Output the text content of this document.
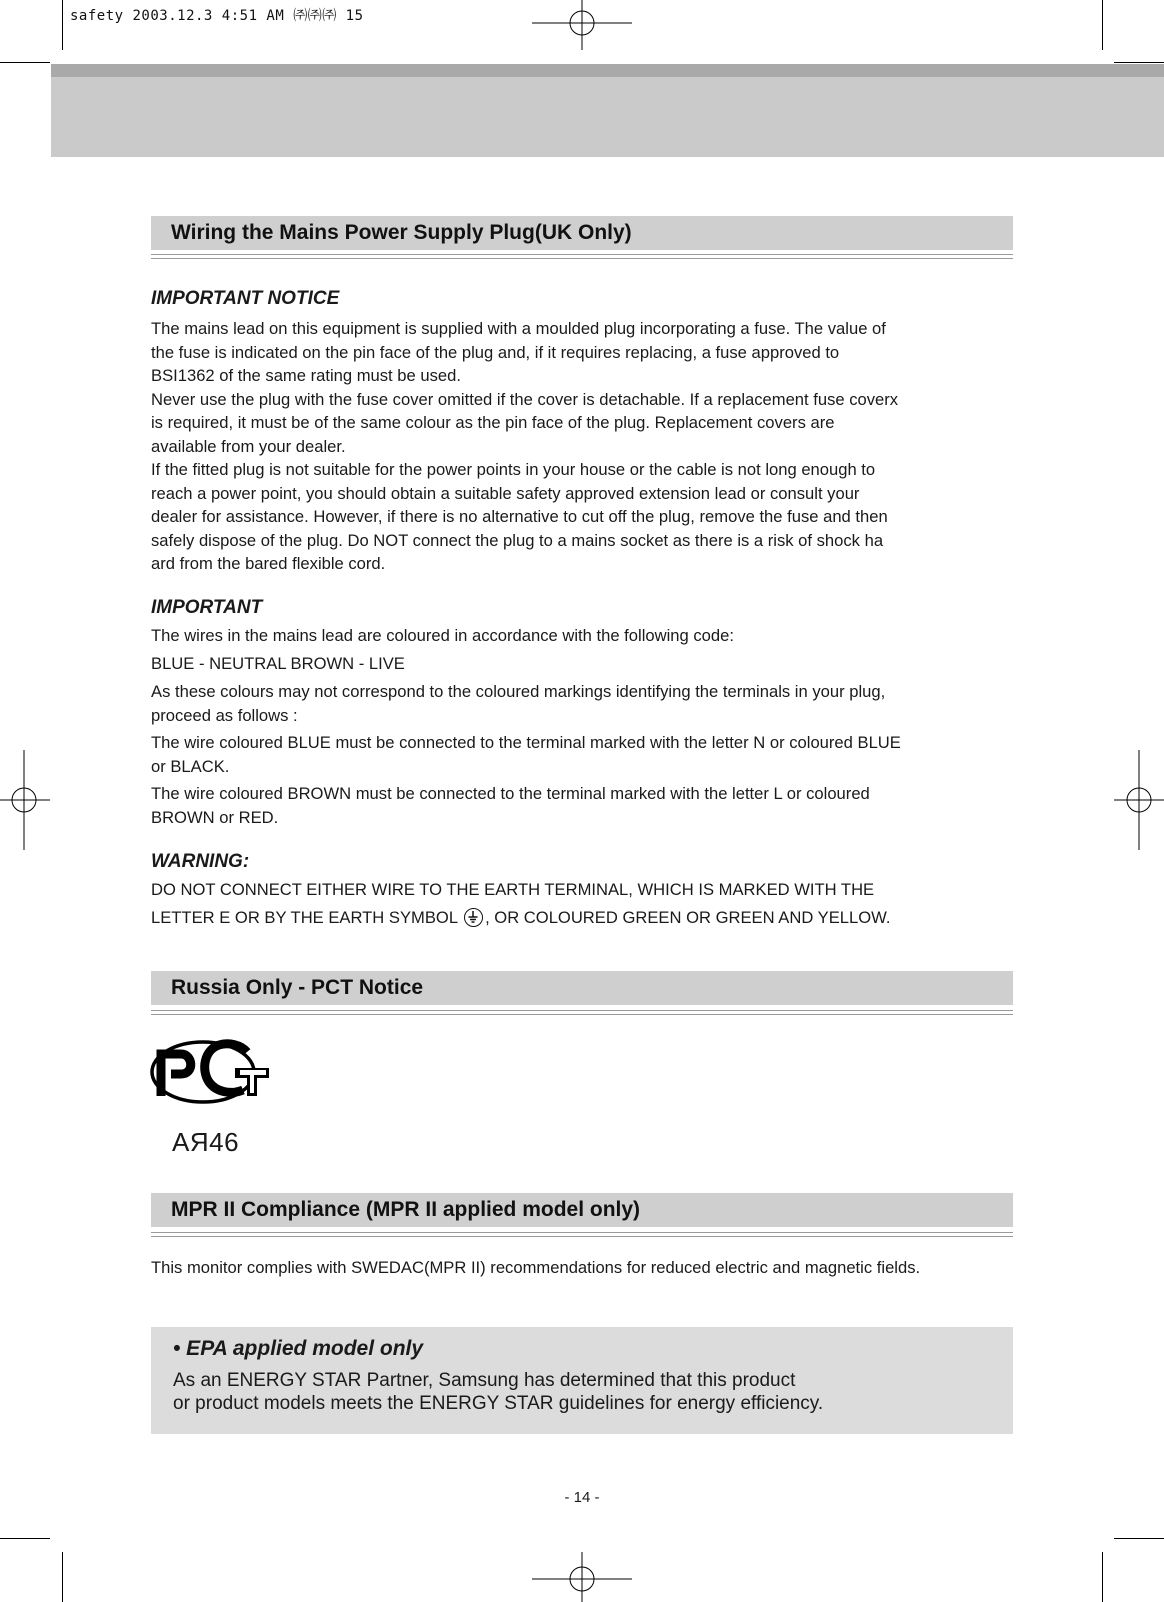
safety 2003.12.3 4:51 AM ㈜㈜㈜ 15
Wiring the Mains Power Supply Plug(UK Only)

IMPORTANT NOTICE

The mains lead on this equipment is supplied with a moulded plug incorporating a fuse. The value of

the fuse is indicated on the pin face of the plug and, if it requires replacing, a fuse approved to

BSI1362 of the same rating must be used.

Never use the plug with the fuse cover omitted if the cover is detachable. If a replacement fuse coverx

is required, it must be of the same colour as the pin face of the plug. Replacement covers are

available from your dealer.

If the fitted plug is not suitable for the power points in your house or the cable is not long enough to

reach a power point, you should obtain a suitable safety approved extension lead or consult your

dealer for assistance. However, if there is no alternative to cut off the plug, remove the fuse and then

safely dispose of the plug. Do NOT connect the plug to a mains socket as there is a risk of shock ha

ard from the bared flexible cord.

IMPORTANT

The wires in the mains lead are coloured in accordance with the following code:

BLUE - NEUTRAL BROWN - LIVE

As these colours may not correspond to the coloured markings identifying the terminals in your plug,

proceed as follows :

The wire coloured BLUE must be connected to the terminal marked with the letter N or coloured BLUE

or BLACK.

The wire coloured BROWN must be connected to the terminal marked with the letter L or coloured

BROWN or RED.

WARNING:

DO NOT CONNECT EITHER WIRE TO THE EARTH TERMINAL, WHICH IS MARKED WITH THE

LETTER E OR BY THE EARTH SYMBOL , OR COLOURED GREEN OR GREEN AND YELLOW.

Russia Only - PCT Notice
АЯ46
MPR II Compliance (MPR II applied model only)

This monitor complies with SWEDAC(MPR II) recommendations for reduced electric and magnetic fields.

• EPA applied model only

As an ENERGY STAR Partner, Samsung has determined that this product

or product models meets the ENERGY STAR guidelines for energy efficiency.

- 14 -
